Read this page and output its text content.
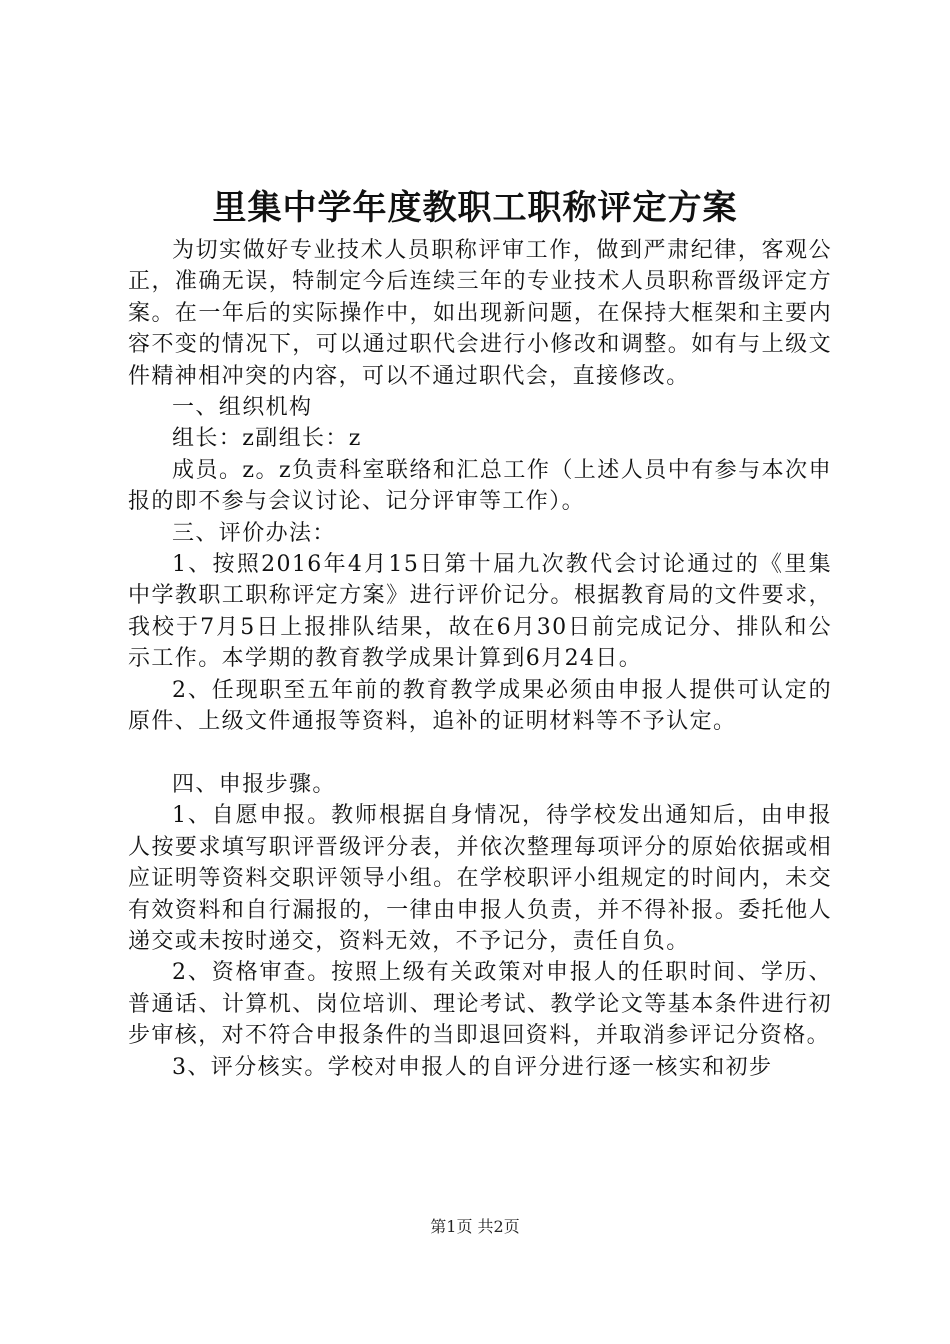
里集中学年度教职工职称评定方案

为切实做好专业技术人员职称评审工作，做到严肃纪律，客观公正，准确无误，特制定今后连续三年的专业技术人员职称晋级评定方案。在一年后的实际操作中，如出现新问题，在保持大框架和主要内容不变的情况下，可以通过职代会进行小修改和调整。如有与上级文件精神相冲突的内容，可以不通过职代会，直接修改。

一、组织机构

组长：z副组长：z

成员。z。z负责科室联络和汇总工作（上述人员中有参与本次申报的即不参与会议讨论、记分评审等工作）。

三、评价办法：

1、按照2016年4月15日第十届九次教代会讨论通过的《里集中学教职工职称评定方案》进行评价记分。根据教育局的文件要求，我校于7月5日上报排队结果，故在6月30日前完成记分、排队和公示工作。本学期的教育教学成果计算到6月24日。

2、任现职至五年前的教育教学成果必须由申报人提供可认定的原件、上级文件通报等资料，追补的证明材料等不予认定。

四、申报步骤。

1、自愿申报。教师根据自身情况，待学校发出通知后，由申报人按要求填写职评晋级评分表，并依次整理每项评分的原始依据或相应证明等资料交职评领导小组。在学校职评小组规定的时间内，未交有效资料和自行漏报的，一律由申报人负责，并不得补报。委托他人递交或未按时递交，资料无效，不予记分，责任自负。

2、资格审查。按照上级有关政策对申报人的任职时间、学历、普通话、计算机、岗位培训、理论考试、教学论文等基本条件进行初步审核，对不符合申报条件的当即退回资料，并取消参评记分资格。

3、评分核实。学校对申报人的自评分进行逐一核实和初步

第1页 共2页
